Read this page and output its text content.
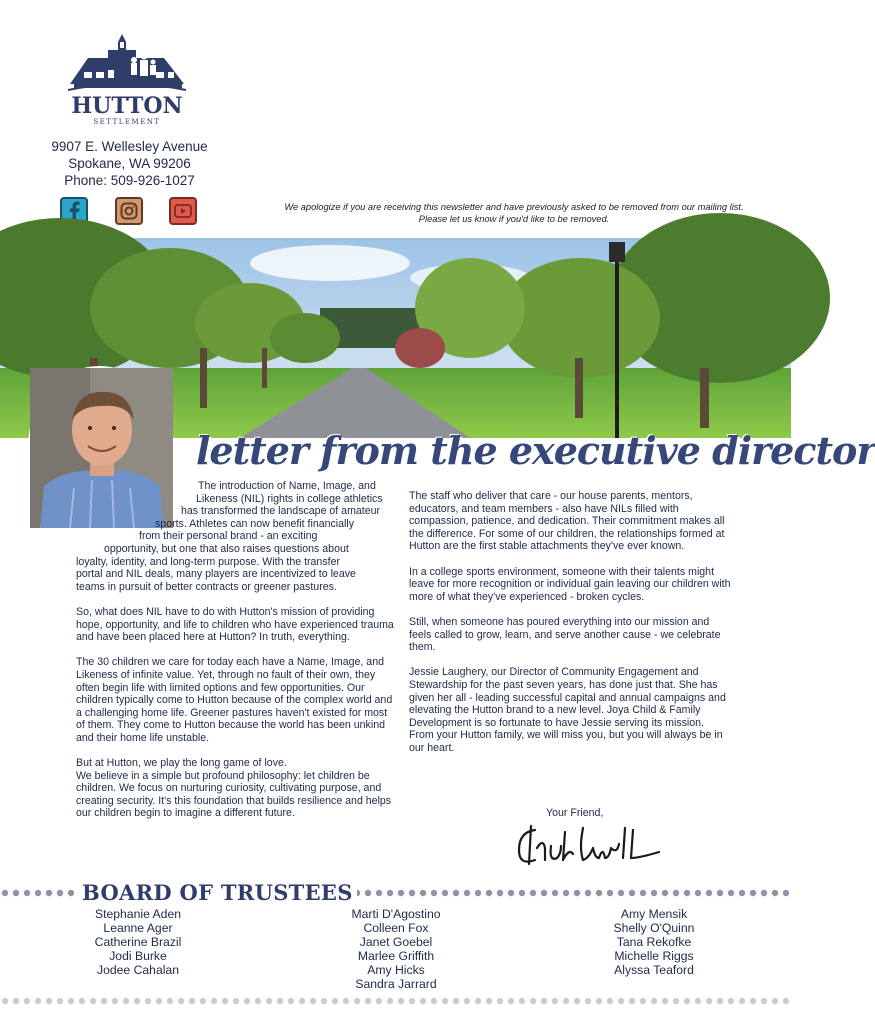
HUTTON
SETTLEMENT
9907 E. Wellesley Avenue
Spokane, WA 99206
Phone: 509-926-1027
We apologize if you are receiving this newsletter and have previously asked to be removed from our mailing list.
Please let us know if you'd like to be removed.
letter from the executive director

The introduction of Name, Image, and
Likeness (NIL) rights in college athletics
has transformed the landscape of amateur
sports. Athletes can now benefit financially
from their personal brand - an exciting
opportunity, but one that also raises questions about
loyalty, identity, and long-term purpose. With the transfer
portal and NIL deals, many players are incentivized to leave
teams in pursuit of better contracts or greener pastures.

So, what does NIL have to do with Hutton's mission of providing hope, opportunity, and life to children who have experienced trauma and have been placed here at Hutton? In truth, everything.

The 30 children we care for today each have a Name, Image, and Likeness of infinite value. Yet, through no fault of their own, they often begin life with limited options and few opportunities. Our children typically come to Hutton because of the complex world and a challenging home life. Greener pastures haven't existed for most of them. They come to Hutton because the world has been unkind and their home life unstable.

But at Hutton, we play the long game of love.
We believe in a simple but profound philosophy: let children be children. We focus on nurturing curiosity, cultivating purpose, and creating security. It's this foundation that builds resilience and helps our children begin to imagine a different future.

The staff who deliver that care - our house parents, mentors, educators, and team members - also have NILs filled with compassion, patience, and dedication. Their commitment makes all the difference. For some of our children, the relationships formed at Hutton are the first stable attachments they've ever known.

In a college sports environment, someone with their talents might leave for more recognition or individual gain leaving our children with more of what they've experienced - broken cycles.

Still, when someone has poured everything into our mission and feels called to grow, learn, and serve another cause - we celebrate them.

Jessie Laughery, our Director of Community Engagement and Stewardship for the past seven years, has done just that. She has given her all - leading successful capital and annual campaigns and elevating the Hutton brand to a new level. Joya Child & Family Development is so fortunate to have Jessie serving its mission. From your Hutton family, we will miss you, but you will always be in our heart.

Your Friend,
BOARD OF TRUSTEES
Stephanie Aden
Leanne Ager
Catherine Brazil
Jodi Burke
Jodee Cahalan
Marti D'Agostino
Colleen Fox
Janet Goebel
Marlee Griffith
Amy Hicks
Sandra Jarrard
Amy Mensik
Shelly O'Quinn
Tana Rekofke
Michelle Riggs
Alyssa Teaford
